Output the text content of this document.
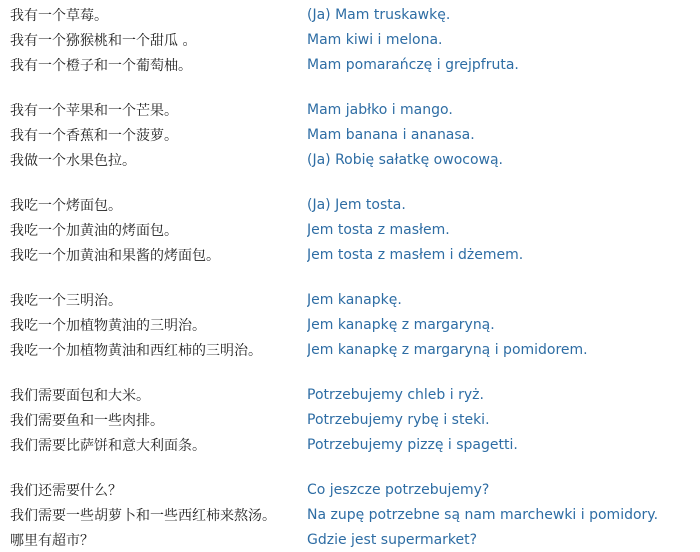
我有一个草莓。	(Ja) Mam truskawkę.
我有一个猕猴桃和一个甜瓜 。	Mam kiwi i melona.
我有一个橙子和一个葡萄柚。	Mam pomarańczę i grejpfruta.
我有一个苹果和一个芒果。	Mam jabłko i mango.
我有一个香蕉和一个菠萝。	Mam banana i ananasa.
我做一个水果色拉。	(Ja) Robię sałatkę owocową.
我吃一个烤面包。	(Ja) Jem tosta.
我吃一个加黄油的烤面包。	Jem tosta z masłem.
我吃一个加黄油和果酱的烤面包。	Jem tosta z masłem i dżemem.
我吃一个三明治。	Jem kanapkę.
我吃一个加植物黄油的三明治。	Jem kanapkę z margaryną.
我吃一个加植物黄油和西红柿的三明治。	Jem kanapkę z margaryną i pomidorem.
我们需要面包和大米。	Potrzebujemy chleb i ryż.
我们需要鱼和一些肉排。	Potrzebujemy rybę i steki.
我们需要比萨饼和意大利面条。	Potrzebujemy pizzę i spagetti.
我们还需要什么？	Co jeszcze potrzebujemy?
我们需要一些胡萝卜和一些西红柿来熬汤。	Na zupę potrzebne są nam marchewki i pomidory.
哪里有超市？	Gdzie jest supermarket?
